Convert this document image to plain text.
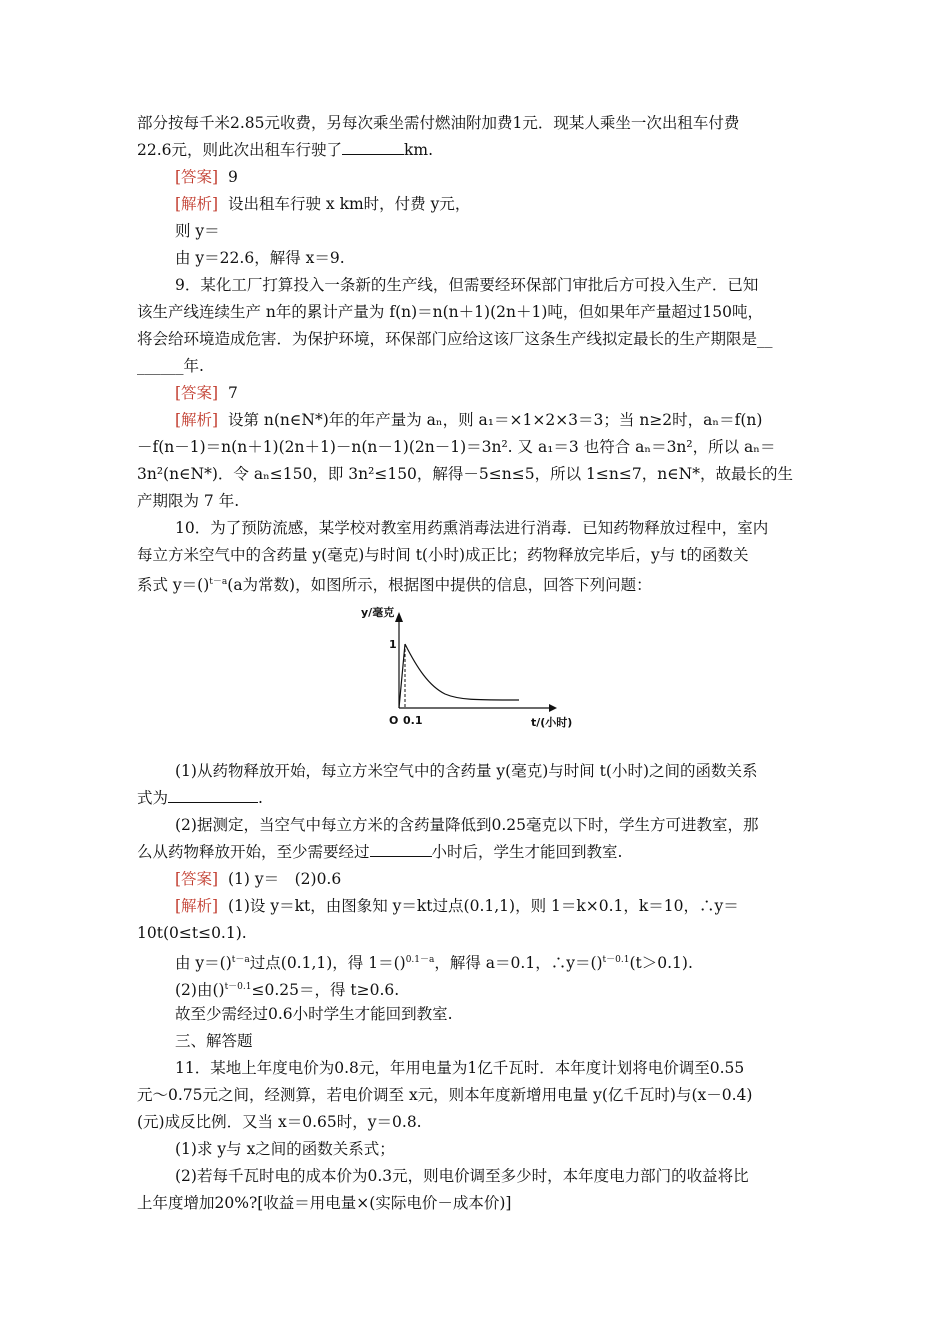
部分按每千米2.85元收费，另每次乘坐需付燃油附加费1元．现某人乘坐一次出租车付费
22.6元，则此次出租车行驶了	km.
[答案] 9
[解析] 设出租车行驶 x km时，付费 y元，
则 y＝
由 y＝22.6，解得 x＝9.
9．某化工厂打算投入一条新的生产线，但需要经环保部门审批后方可投入生产．已知
该生产线连续生产 n年的累计产量为 f(n)＝n(n＋1)(2n＋1)吨，但如果年产量超过150吨，
将会给环境造成危害．为保护环境，环保部门应给这该厂这条生产线拟定最长的生产期限是__
______年.
[答案] 7
[解析] 设第 n(n∈N*)年的年产量为 aₙ，则 a₁＝×1×2×3＝3；当 n≥2时，aₙ＝f(n)
－f(n－1)＝n(n＋1)(2n＋1)－n(n－1)(2n－1)＝3n². 又 a₁＝3 也符合 aₙ＝3n²，所以 aₙ＝
3n²(n∈N*)．令 aₙ≤150，即 3n²≤150，解得－5≤n≤5，所以 1≤n≤7，n∈N*，故最长的生
产期限为 7 年.
10．为了预防流感，某学校对教室用药熏消毒法进行消毒．已知药物释放过程中，室内
每立方米空气中的含药量 y(毫克)与时间 t(小时)成正比；药物释放完毕后，y与 t的函数关
系式 y＝()$^{t-a}$(a为常数)，如图所示，根据图中提供的信息，回答下列问题：
y/毫克
1
O 0.1	t/(小时)
(1)从药物释放开始，每立方米空气中的含药量 y(毫克)与时间 t(小时)之间的函数关系
式为	.
(2)据测定，当空气中每立方米的含药量降低到0.25毫克以下时，学生方可进教室，那
么从药物释放开始，至少需要经过	小时后，学生才能回到教室.
[答案] (1) y＝　(2)0.6
[解析] (1)设 y＝kt，由图象知 y＝kt过点(0.1,1)，则 1＝k×0.1，k＝10，∴y＝
10t(0≤t≤0.1).
由 y＝()$^{t-a}$过点(0.1,1)，得 1＝()$^{0.1-a}$，解得 a＝0.1，∴y＝()$^{t-0.1}$(t＞0.1).
(2)由()$^{t-0.1}$≤0.25＝，得 t≥0.6.
故至少需经过0.6小时学生才能回到教室.
三、解答题
11．某地上年度电价为0.8元，年用电量为1亿千瓦时．本年度计划将电价调至0.55
元～0.75元之间，经测算，若电价调至 x元，则本年度新增用电量 y(亿千瓦时)与(x－0.4)
(元)成反比例．又当 x＝0.65时，y＝0.8.
(1)求 y与 x之间的函数关系式；
(2)若每千瓦时电的成本价为0.3元，则电价调至多少时，本年度电力部门的收益将比
上年度增加20%?[收益＝用电量×(实际电价－成本价)]
